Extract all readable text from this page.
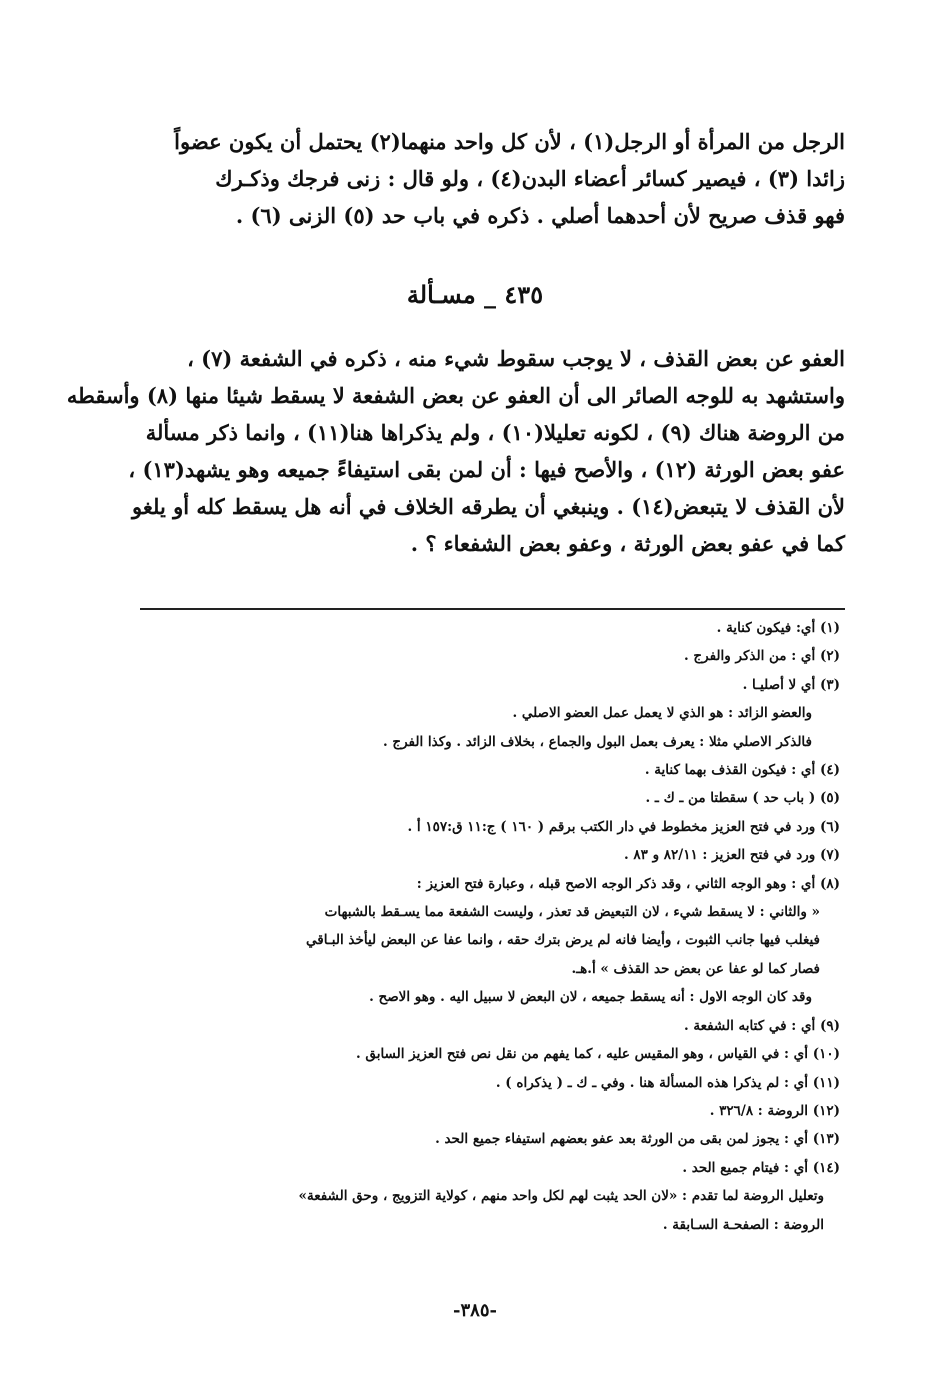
الرجل من المرأة أو الرجل(١) ، لأن كل واحد منهما(٢) يحتمل أن يكون عضواً

زائدا (٣) ، فيصير كسائر أعضاء البدن(٤) ، ولو قال : زنى فرجك وذكـرك

فهو قذف صريح لأن أحدهما أصلي . ذكره في باب حد (٥) الزنى (٦) .

٤٣٥ _ مسـألة

العفو عن بعض القذف ، لا يوجب سقوط شيء منه ، ذكره في الشفعة (٧) ،

واستشهد به للوجه الصائر الى أن العفو عن بعض الشفعة لا يسقط شيئا منها (٨) وأسقطه

من الروضة هناك (٩) ، لكونه تعليلا(١٠) ، ولم يذكراها هنا(١١) ، وانما ذكر مسألة

عفو بعض الورثة (١٢) ، والأصح فيها : أن لمن بقى استيفاءً جميعه وهو يشهد(١٣) ،

لأن القذف لا يتبعض(١٤) . وينبغي أن يطرقه الخلاف في أنه هل يسقط كله أو يلغو

كما في عفو بعض الورثة ، وعفو بعض الشفعاء ؟ .

(١) أي: فيكون كناية .
(٢) أي : من الذكر والفرج .
(٣) أي لا أصليـا .
والعضو الزائد : هو الذي لا يعمل عمل العضو الاصلي .
فالذكر الاصلي مثلا : يعرف بعمل البول والجماع ، بخلاف الزائد . وكذا الفرج .
(٤) أي : فيكون القذف بهما كناية .
(٥) ( باب حد ) سقطتا من ـ ك ـ .
(٦) ورد في فتح العزيز مخطوط في دار الكتب برقم ( ١٦٠ ) ج:١١ ق:١٥٧ أ .
(٧) ورد في فتح العزيز : ٨٢/١١ و ٨٣ .
(٨) أي : وهو الوجه الثاني ، وقد ذكر الوجه الاصح قبله ، وعبارة فتح العزيز :
« والثاني : لا يسقط شيء ، لان التبعيض قد تعذر ، وليست الشفعة مما يسـقط بالشبهات
فيغلب فيها جانب الثبوت ، وأيضا فانه لم يرض بترك حقه ، وانما عفا عن البعض ليأخذ البـاقي
فصار كما لو عفا عن بعض حد القذف » أ.هـ.
وقد كان الوجه الاول : أنه يسقط جميعه ، لان البعض لا سبيل اليه . وهو الاصح .
(٩) أي : في كتابه الشفعة .
(١٠) أي : في القياس ، وهو المقيس عليه ، كما يفهم من نقل نص فتح العزيز السابق .
(١١) أي : لم يذكرا هذه المسألة هنا . وفي ـ ك ـ ( يذكراه ) .
(١٢) الروضة : ٣٢٦/٨ .
(١٣) أي : يجوز لمن بقى من الورثة بعد عفو بعضهم استيفاء جميع الحد .
(١٤) أي : فيتام جميع الحد .
وتعليل الروضة لما تقدم : «لان الحد يثبت لهم لكل واحد منهم ، كولاية التزويج ، وحق الشفعة»
الروضة : الصفحـة السـابقة .
-٣٨٥-
